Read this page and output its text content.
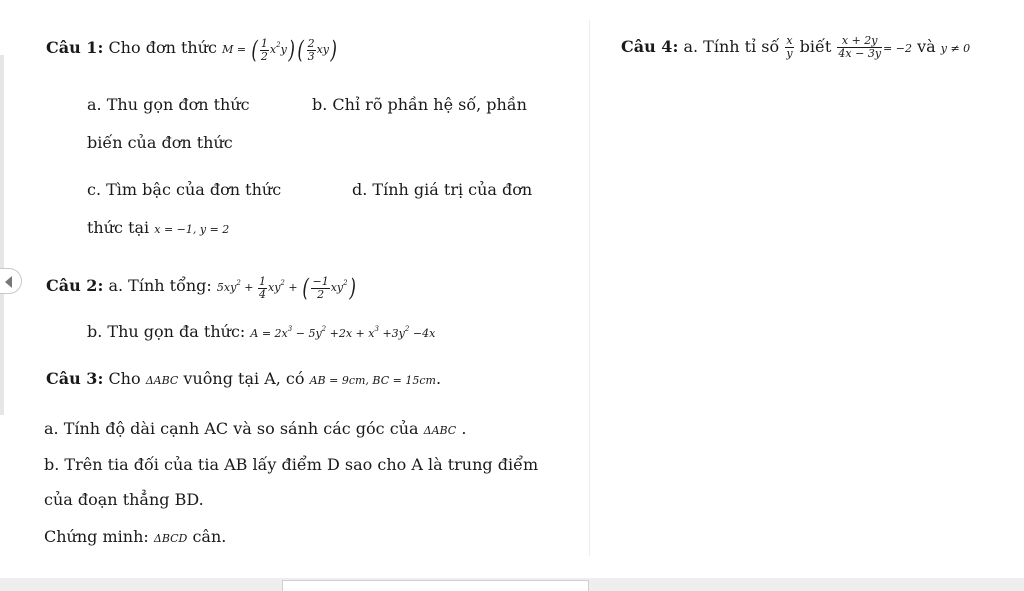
Câu 1: Cho đơn thức M = ( $\frac{1}{2} x^2y$) ( $\frac{2}{3} xy$)
a. Thu gọn đơn thức	b. Chỉ rõ phần hệ số, phần
biến của đơn thức
c. Tìm bậc của đơn thức	d. Tính giá trị của đơn
thức tại x = −1, y = 2
Câu 2: a. Tính tổng: $5xy^2 + \frac{1}{4} xy^2$ + ( $\frac{-1}{2} xy^2$)
b. Thu gọn đa thức: $A = 2x^3 - 5y^2 +2x + x^3 +3y^2 -4x$
Câu 3: Cho ΔABC vuông tại A, có AB = 9cm, BC = 15cm.
a. Tính độ dài cạnh AC và so sánh các góc của ΔABC .
b. Trên tia đối của tia AB lấy điểm D sao cho A là trung điểm
của đoạn thẳng BD.
Chứng minh: ΔBCD cân.
Câu 4: a. Tính tỉ số $\frac{x}{y}$ biết $\frac{x + 2y}{4x - 3y} = -2$ và y ≠ 0
